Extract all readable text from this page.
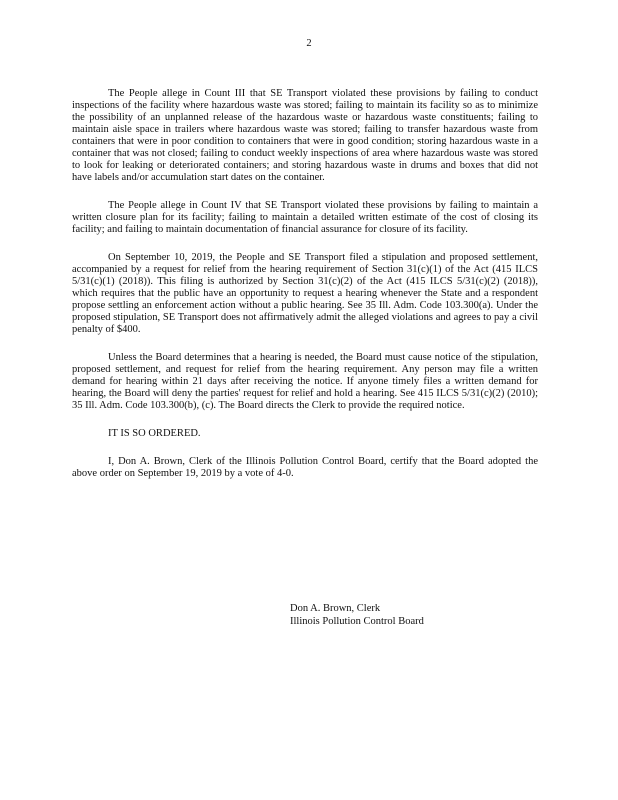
2

The People allege in Count III that SE Transport violated these provisions by failing to conduct inspections of the facility where hazardous waste was stored; failing to maintain its facility so as to minimize the possibility of an unplanned release of the hazardous waste or hazardous waste constituents; failing to maintain aisle space in trailers where hazardous waste was stored; failing to transfer hazardous waste from containers that were in poor condition to containers that were in good condition; storing hazardous waste in a container that was not closed; failing to conduct weekly inspections of area where hazardous waste was stored to look for leaking or deteriorated containers; and storing hazardous waste in drums and boxes that did not have labels and/or accumulation start dates on the container.

The People allege in Count IV that SE Transport violated these provisions by failing to maintain a written closure plan for its facility; failing to maintain a detailed written estimate of the cost of closing its facility; and failing to maintain documentation of financial assurance for closure of its facility.

On September 10, 2019, the People and SE Transport filed a stipulation and proposed settlement, accompanied by a request for relief from the hearing requirement of Section 31(c)(1) of the Act (415 ILCS 5/31(c)(1) (2018)). This filing is authorized by Section 31(c)(2) of the Act (415 ILCS 5/31(c)(2) (2018)), which requires that the public have an opportunity to request a hearing whenever the State and a respondent propose settling an enforcement action without a public hearing. See 35 Ill. Adm. Code 103.300(a). Under the proposed stipulation, SE Transport does not affirmatively admit the alleged violations and agrees to pay a civil penalty of $400.

Unless the Board determines that a hearing is needed, the Board must cause notice of the stipulation, proposed settlement, and request for relief from the hearing requirement. Any person may file a written demand for hearing within 21 days after receiving the notice. If anyone timely files a written demand for hearing, the Board will deny the parties' request for relief and hold a hearing. See 415 ILCS 5/31(c)(2) (2010); 35 Ill. Adm. Code 103.300(b), (c). The Board directs the Clerk to provide the required notice.

IT IS SO ORDERED.

I, Don A. Brown, Clerk of the Illinois Pollution Control Board, certify that the Board adopted the above order on September 19, 2019 by a vote of 4-0.

Don A. Brown, Clerk
Illinois Pollution Control Board
